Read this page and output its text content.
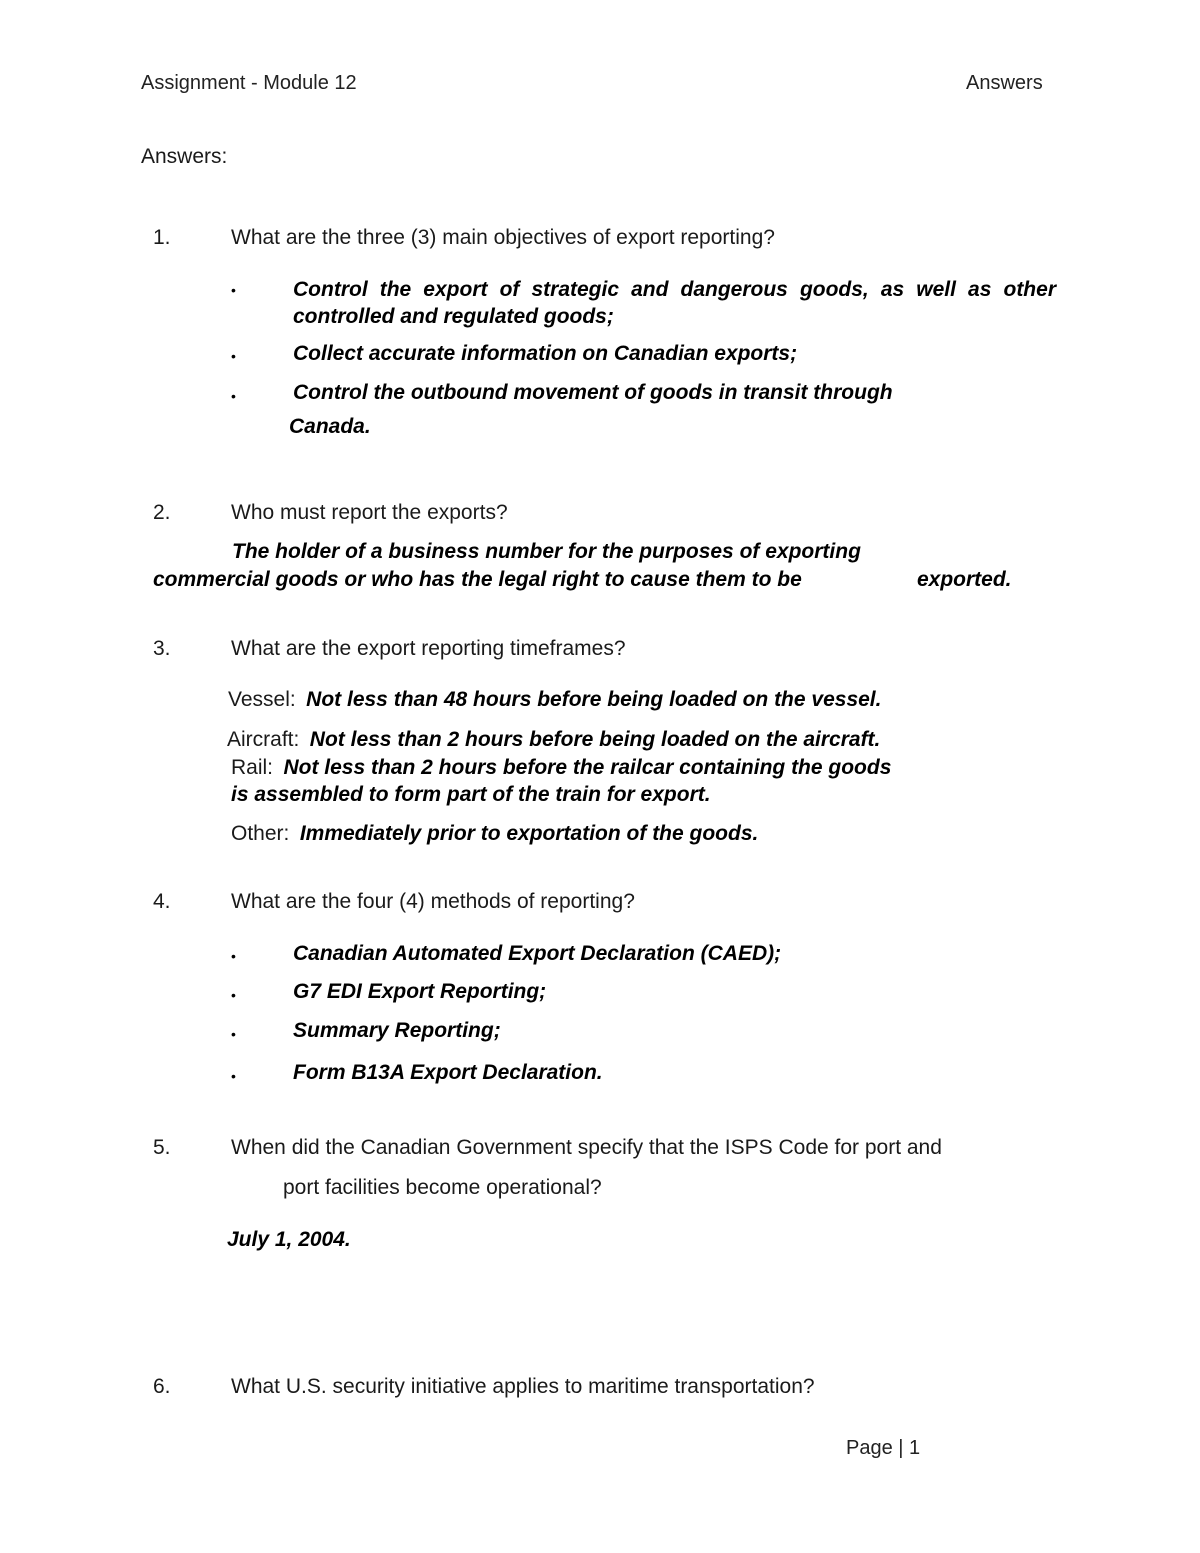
Assignment - Module 12	Answers
Answers:
1.	What are the three (3) main objectives of export reporting?
•	Control the export of strategic and dangerous goods, as well as other controlled and regulated goods;
•	Collect accurate information on Canadian exports;
•	Control the outbound movement of goods in transit through
Canada.
2.	Who must report the exports?
The holder of a business number for the purposes of exporting
commercial goods or who has the legal right to cause them to be	exported.
3.	What are the export reporting timeframes?
Vessel: Not less than 48 hours before being loaded on the vessel.
Aircraft: Not less than 2 hours before being loaded on the aircraft.
Rail: Not less than 2 hours before the railcar containing the goods
is assembled to form part of the train for export.
Other: Immediately prior to exportation of the goods.
4.	What are the four (4) methods of reporting?
•	Canadian Automated Export Declaration (CAED);
•	G7 EDI Export Reporting;
•	Summary Reporting;
•	Form B13A Export Declaration.
5.	When did the Canadian Government specify that the ISPS Code for port and
port facilities become operational?
July 1, 2004.
6.	What U.S. security initiative applies to maritime transportation?
Page | 1
